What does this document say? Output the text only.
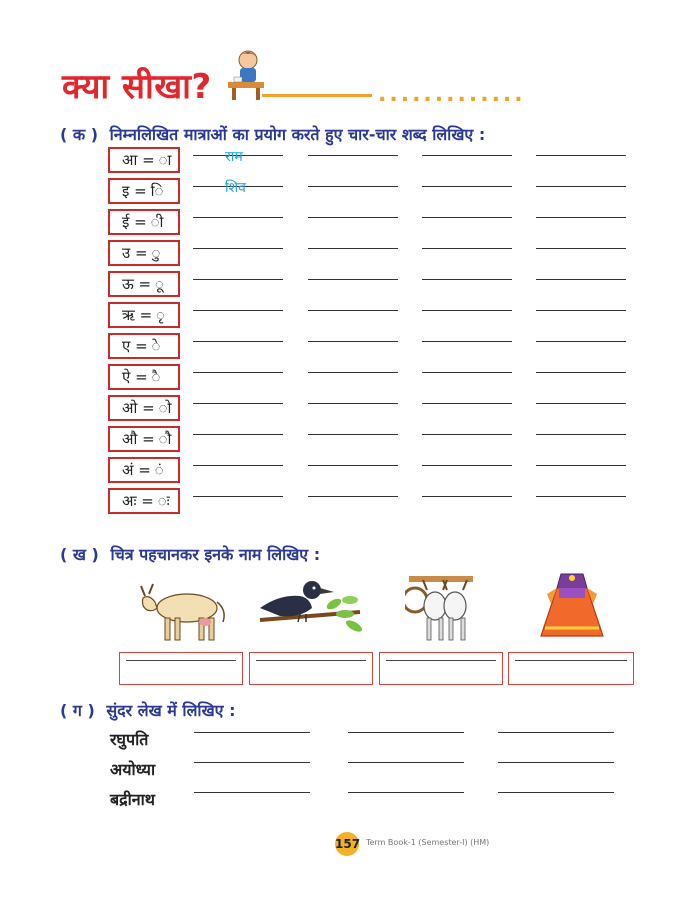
क्या सीखा?	.............
( क ) निम्नलिखित मात्राओं का प्रयोग करते हुए चार-चार शब्द लिखिए :
आ = ा	राम
इ = ि	शिव
ई = ी
उ = ु
ऊ = ू
ऋ = ृ
ए = े
ऐ = ै
ओ = ो
औ = ौ
अं = ं
अः = ः
( ख ) चित्र पहचानकर इनके नाम लिखिए :
( ग ) सुंदर लेख में लिखिए :
रघुपति
अयोध्या
बद्रीनाथ
157 Term Book-1 (Semester-I) (HM)
